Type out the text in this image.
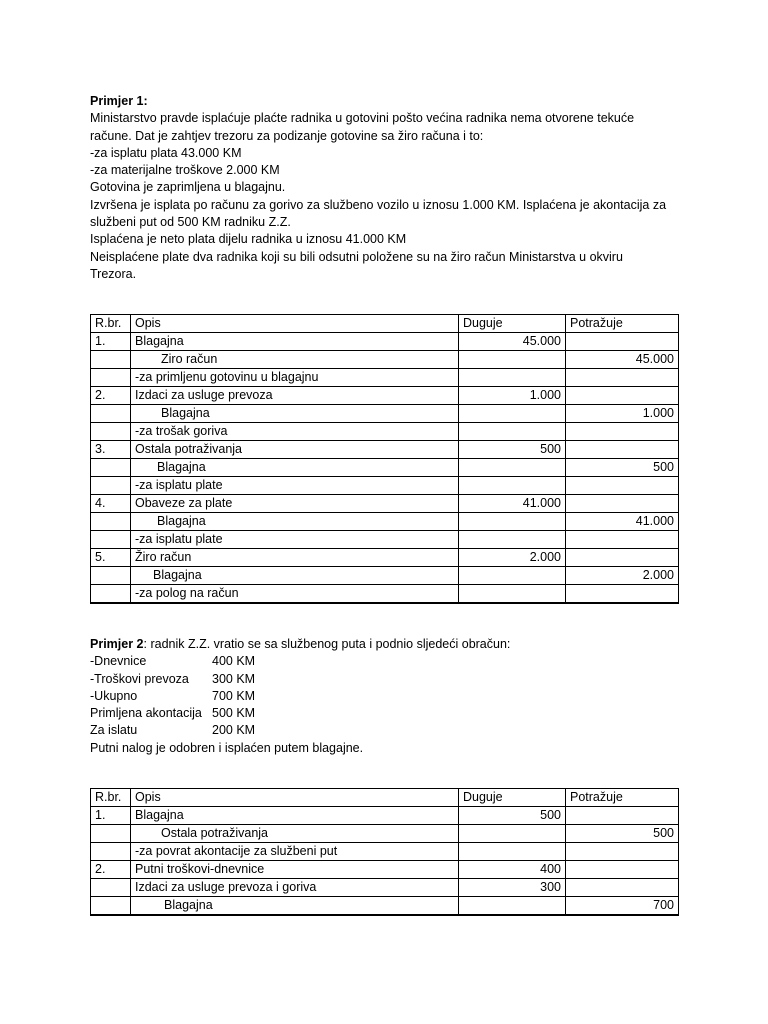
Primjer 1:
Ministarstvo pravde isplaćuje plaćte radnika u gotovini pošto većina radnika nema otvorene tekuće
račune. Dat je zahtjev trezoru za podizanje gotovine sa žiro računa i to:
-za isplatu plata 43.000 KM
-za materijalne troškove 2.000 KM
Gotovina je zaprimljena u blagajnu.
Izvršena je isplata po računu za gorivo za službeno vozilo u iznosu 1.000 KM. Isplaćena je akontacija za
službeni put od 500 KM radniku Z.Z.
Isplaćena je neto plata dijelu radnika u iznosu 41.000 KM
Neisplaćene plate dva radnika koji su bili odsutni položene su na žiro račun Ministarstva u okviru
Trezora.
R.br.	Opis	Duguje	Potražuje
1.	Blagajna	45.000	
	Ziro račun		45.000
	-za primljenu gotovinu u blagajnu		
2.	Izdaci za usluge prevoza	1.000	
	Blagajna		1.000
	-za trošak goriva		
3.	Ostala potraživanja	500	
	Blagajna		500
	-za isplatu plate		
4.	Obaveze za plate	41.000	
	Blagajna		41.000
	-za isplatu plate		
5.	Žiro račun	2.000	
	Blagajna		2.000
	-za polog na račun		
Primjer 2: radnik Z.Z. vratio se sa službenog puta i podnio sljedeći obračun:
-Dnevnice	400 KM
-Troškovi prevoza 300 KM
-Ukupno	700 KM
Primljena akontacija 500 KM
Za islatu	200 KM
Putni nalog je odobren i isplaćen putem blagajne.
R.br.	Opis	Duguje	Potražuje
1.	Blagajna	500	
	Ostala potraživanja		500
	-za povrat akontacije za službeni put		
2.	Putni troškovi-dnevnice	400	
	Izdaci za usluge prevoza i goriva	300	
	Blagajna		700
